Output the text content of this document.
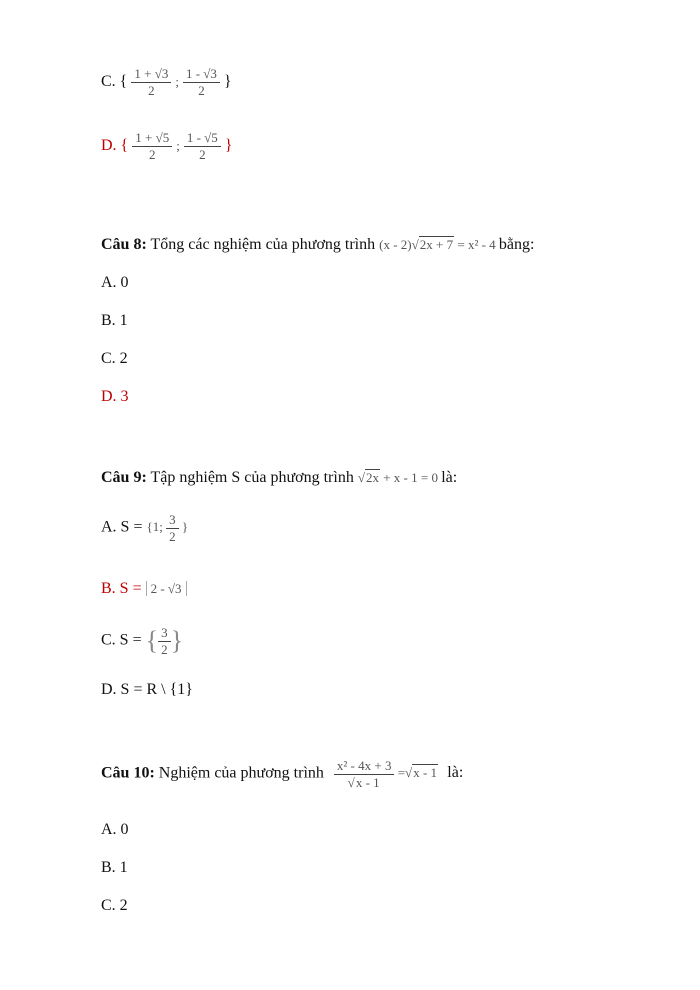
C. { $\frac{1 + √3}{2}$ ; $\frac{1 - √3}{2}$ }
D. { $\frac{1 + √5}{2}$ ; $\frac{1 - √5}{2}$ }
Câu 8: Tổng các nghiệm của phương trình (x - 2)√2x + 7 = x² - 4 bằng:
A. 0
B. 1
C. 2
D. 3
Câu 9: Tập nghiệm S của phương trình √2x + x - 1 = 0 là:
A. S = {1; $\frac{3}{2}$ }
B. S = 2 - √3
C. S = { $\frac{3}{2}$ }
D. S = R \ {1}
Câu 10: Nghiệm của phương trình $\frac{\text{x² - 4x + 3}}{√x - 1} =√x - 1$ là:
A. 0
B. 1
C. 2
